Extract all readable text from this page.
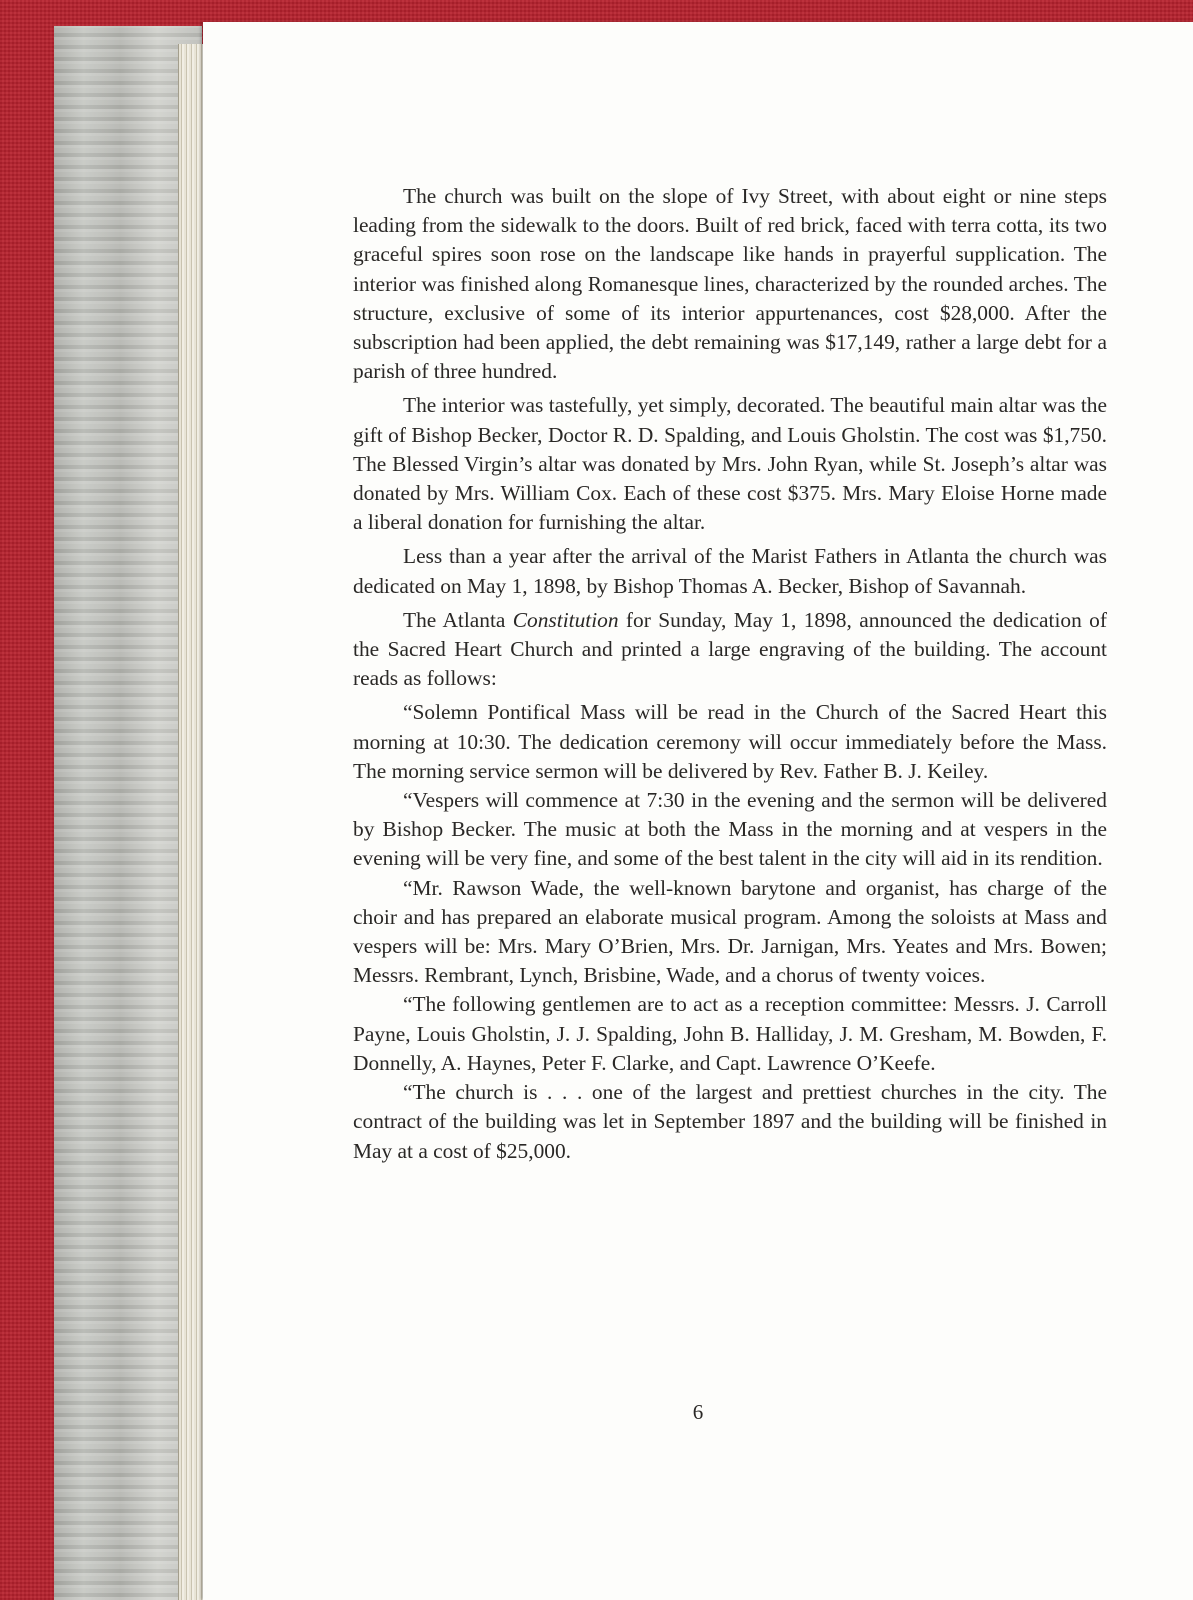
The church was built on the slope of Ivy Street, with about eight or nine steps leading from the sidewalk to the doors. Built of red brick, faced with terra cotta, its two graceful spires soon rose on the landscape like hands in prayerful supplication. The interior was finished along Romanesque lines, characterized by the rounded arches. The structure, exclusive of some of its interior appurtenances, cost $28,000. After the subscription had been applied, the debt remaining was $17,149, rather a large debt for a parish of three hundred.

The interior was tastefully, yet simply, decorated. The beautiful main altar was the gift of Bishop Becker, Doctor R. D. Spalding, and Louis Gholstin. The cost was $1,750. The Blessed Virgin’s altar was donated by Mrs. John Ryan, while St. Joseph’s altar was donated by Mrs. William Cox. Each of these cost $375. Mrs. Mary Eloise Horne made a liberal donation for furnishing the altar.

Less than a year after the arrival of the Marist Fathers in Atlanta the church was dedicated on May 1, 1898, by Bishop Thomas A. Becker, Bishop of Savannah.

The Atlanta Constitution for Sunday, May 1, 1898, announced the dedication of the Sacred Heart Church and printed a large engraving of the building. The account reads as follows:

“Solemn Pontifical Mass will be read in the Church of the Sacred Heart this morning at 10:30. The dedication ceremony will occur immediately before the Mass. The morning service sermon will be delivered by Rev. Father B. J. Keiley.

“Vespers will commence at 7:30 in the evening and the sermon will be delivered by Bishop Becker. The music at both the Mass in the morning and at vespers in the evening will be very fine, and some of the best talent in the city will aid in its rendition.

“Mr. Rawson Wade, the well-known barytone and organist, has charge of the choir and has prepared an elaborate musical program. Among the soloists at Mass and vespers will be: Mrs. Mary O’Brien, Mrs. Dr. Jarnigan, Mrs. Yeates and Mrs. Bowen; Messrs. Rembrant, Lynch, Brisbine, Wade, and a chorus of twenty voices.

“The following gentlemen are to act as a reception committee: Messrs. J. Carroll Payne, Louis Gholstin, J. J. Spalding, John B. Halliday, J. M. Gresham, M. Bowden, F. Donnelly, A. Haynes, Peter F. Clarke, and Capt. Lawrence O’Keefe.

“The church is . . . one of the largest and prettiest churches in the city. The contract of the building was let in September 1897 and the building will be finished in May at a cost of $25,000.

6
